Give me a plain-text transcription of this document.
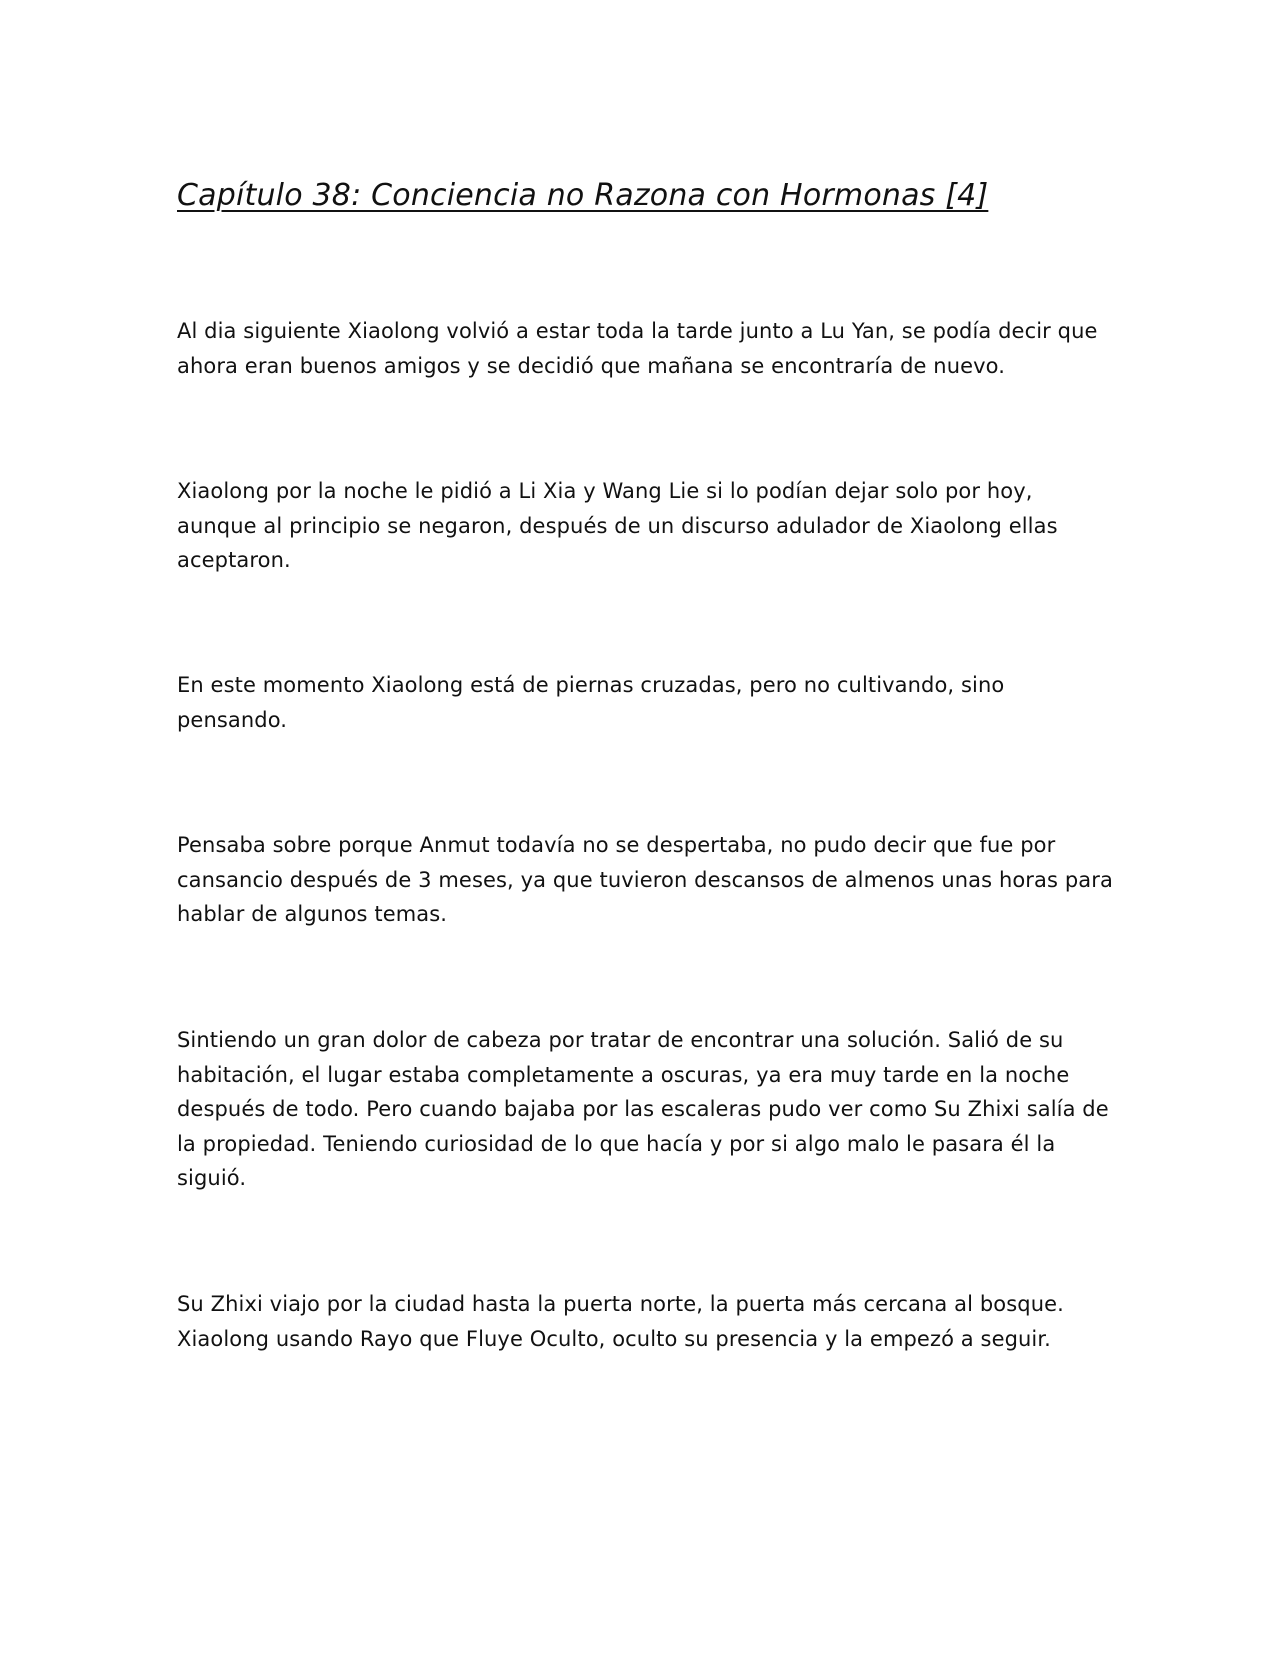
Capítulo 38: Conciencia no Razona con Hormonas [4]

Al dia siguiente Xiaolong volvió a estar toda la tarde junto a Lu Yan, se podía decir que
ahora eran buenos amigos y se decidió que mañana se encontraría de nuevo.

Xiaolong por la noche le pidió a Li Xia y Wang Lie si lo podían dejar solo por hoy,
aunque al principio se negaron, después de un discurso adulador de Xiaolong ellas
aceptaron.

En este momento Xiaolong está de piernas cruzadas, pero no cultivando, sino
pensando.

Pensaba sobre porque Anmut todavía no se despertaba, no pudo decir que fue por
cansancio después de 3 meses, ya que tuvieron descansos de almenos unas horas para
hablar de algunos temas.

Sintiendo un gran dolor de cabeza por tratar de encontrar una solución. Salió de su
habitación, el lugar estaba completamente a oscuras, ya era muy tarde en la noche
después de todo. Pero cuando bajaba por las escaleras pudo ver como Su Zhixi salía de
la propiedad. Teniendo curiosidad de lo que hacía y por si algo malo le pasara él la
siguió.

Su Zhixi viajo por la ciudad hasta la puerta norte, la puerta más cercana al bosque.
Xiaolong usando Rayo que Fluye Oculto, oculto su presencia y la empezó a seguir.
